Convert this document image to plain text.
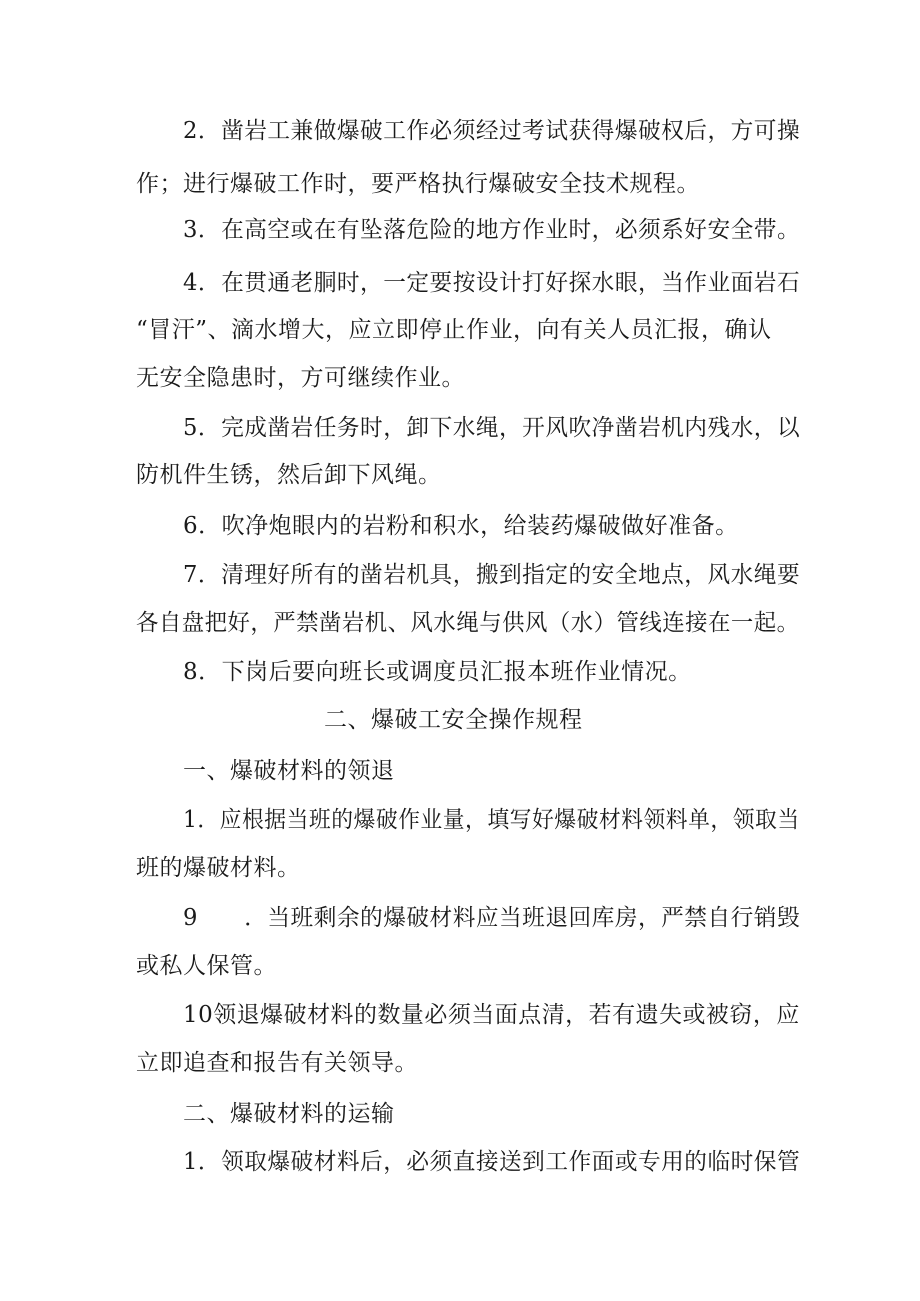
2．凿岩工兼做爆破工作必须经过考试获得爆破权后，方可操
作；进行爆破工作时，要严格执行爆破安全技术规程。
3．在高空或在有坠落危险的地方作业时，必须系好安全带。
4．在贯通老胴时，一定要按设计打好探水眼，当作业面岩石
“冒汗”、滴水增大，应立即停止作业，向有关人员汇报，确认
无安全隐患时，方可继续作业。
5．完成凿岩任务时，卸下水绳，开风吹净凿岩机内残水，以
防机件生锈，然后卸下风绳。
6．吹净炮眼内的岩粉和积水，给装药爆破做好准备。
7．清理好所有的凿岩机具，搬到指定的安全地点，风水绳要
各自盘把好，严禁凿岩机、风水绳与供风（水）管线连接在一起。
8．下岗后要向班长或调度员汇报本班作业情况。
二、爆破工安全操作规程
一、爆破材料的领退
1．应根据当班的爆破作业量，填写好爆破材料领料单，领取当
班的爆破材料。
9　　．当班剩余的爆破材料应当班退回库房，严禁自行销毁
或私人保管。
10领退爆破材料的数量必须当面点清，若有遗失或被窃，应
立即追查和报告有关领导。
二、爆破材料的运输
1．领取爆破材料后，必须直接送到工作面或专用的临时保管
